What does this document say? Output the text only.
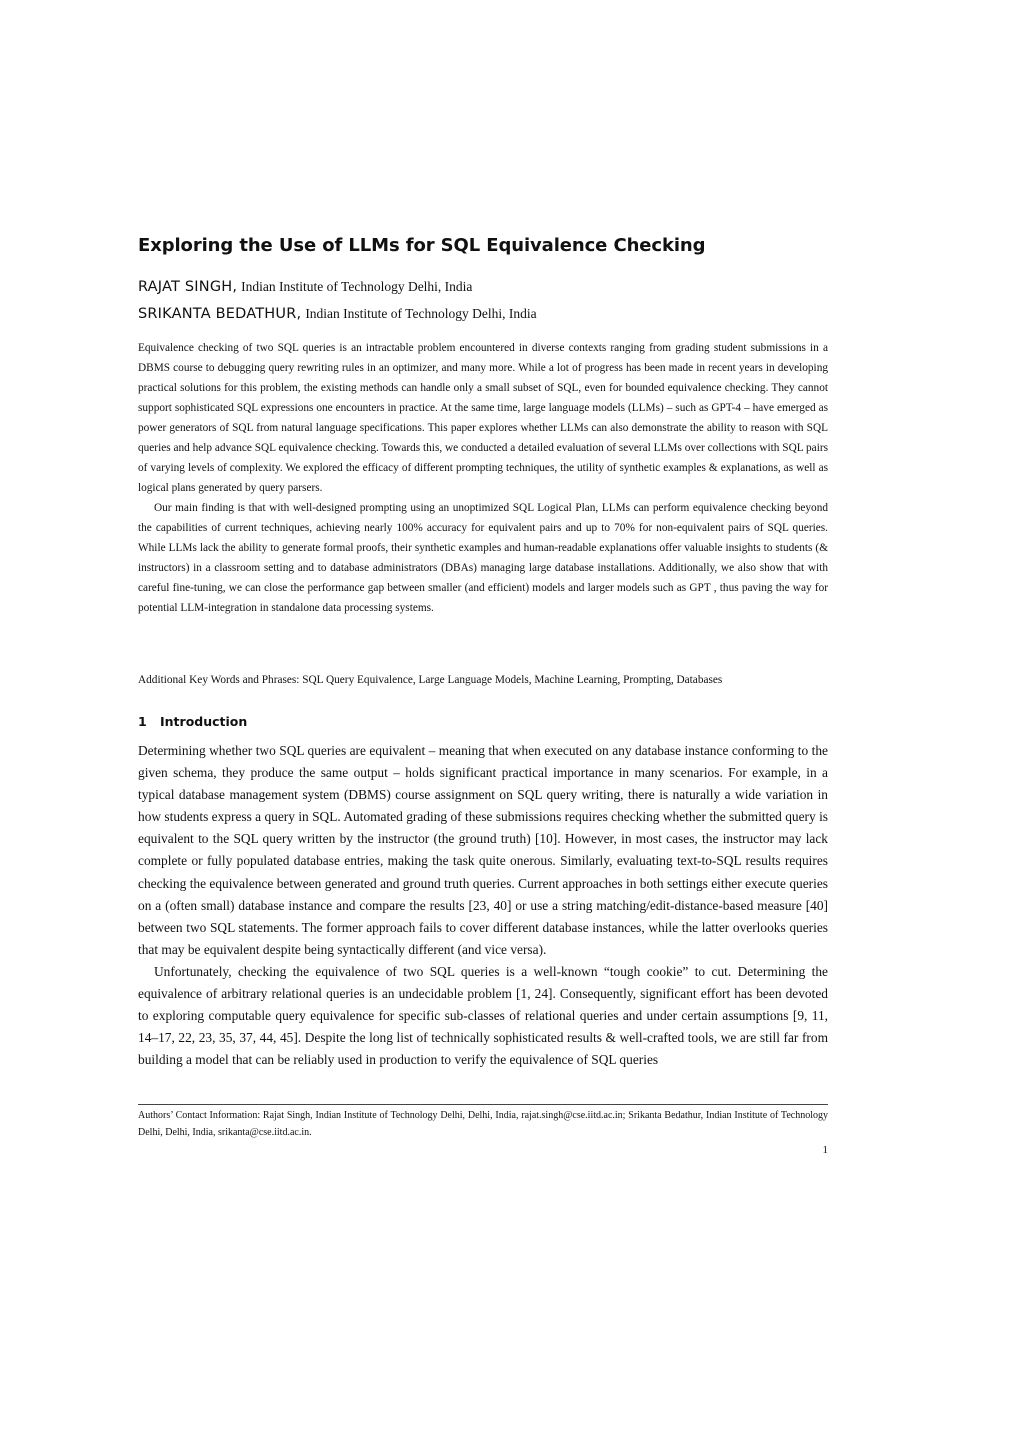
Exploring the Use of LLMs for SQL Equivalence Checking
RAJAT SINGH, Indian Institute of Technology Delhi, India
SRIKANTA BEDATHUR, Indian Institute of Technology Delhi, India

Equivalence checking of two SQL queries is an intractable problem encountered in diverse contexts ranging from grading student submissions in a DBMS course to debugging query rewriting rules in an optimizer, and many more. While a lot of progress has been made in recent years in developing practical solutions for this problem, the existing methods can handle only a small subset of SQL, even for bounded equivalence checking. They cannot support sophisticated SQL expressions one encounters in practice. At the same time, large language models (LLMs) – such as GPT-4 – have emerged as power generators of SQL from natural language specifications. This paper explores whether LLMs can also demonstrate the ability to reason with SQL queries and help advance SQL equivalence checking. Towards this, we conducted a detailed evaluation of several LLMs over collections with SQL pairs of varying levels of complexity. We explored the efficacy of different prompting techniques, the utility of synthetic examples & explanations, as well as logical plans generated by query parsers.

Our main finding is that with well-designed prompting using an unoptimized SQL Logical Plan, LLMs can perform equivalence checking beyond the capabilities of current techniques, achieving nearly 100% accuracy for equivalent pairs and up to 70% for non-equivalent pairs of SQL queries. While LLMs lack the ability to generate formal proofs, their synthetic examples and human-readable explanations offer valuable insights to students (& instructors) in a classroom setting and to database administrators (DBAs) managing large database installations. Additionally, we also show that with careful fine-tuning, we can close the performance gap between smaller (and efficient) models and larger models such as GPT , thus paving the way for potential LLM-integration in standalone data processing systems.

Additional Key Words and Phrases: SQL Query Equivalence, Large Language Models, Machine Learning, Prompting, Databases
1 Introduction

Determining whether two SQL queries are equivalent – meaning that when executed on any database instance conforming to the given schema, they produce the same output – holds significant practical importance in many scenarios. For example, in a typical database management system (DBMS) course assignment on SQL query writing, there is naturally a wide variation in how students express a query in SQL. Automated grading of these submissions requires checking whether the submitted query is equivalent to the SQL query written by the instructor (the ground truth) [10]. However, in most cases, the instructor may lack complete or fully populated database entries, making the task quite onerous. Similarly, evaluating text-to-SQL results requires checking the equivalence between generated and ground truth queries. Current approaches in both settings either execute queries on a (often small) database instance and compare the results [23, 40] or use a string matching/edit-distance-based measure [40] between two SQL statements. The former approach fails to cover different database instances, while the latter overlooks queries that may be equivalent despite being syntactically different (and vice versa).

Unfortunately, checking the equivalence of two SQL queries is a well-known “tough cookie” to cut. Determining the equivalence of arbitrary relational queries is an undecidable problem [1, 24]. Consequently, significant effort has been devoted to exploring computable query equivalence for specific sub-classes of relational queries and under certain assumptions [9, 11, 14–17, 22, 23, 35, 37, 44, 45]. Despite the long list of technically sophisticated results & well-crafted tools, we are still far from building a model that can be reliably used in production to verify the equivalence of SQL queries

Authors’ Contact Information: Rajat Singh, Indian Institute of Technology Delhi, Delhi, India, rajat.singh@cse.iitd.ac.in; Srikanta Bedathur, Indian Institute of Technology Delhi, Delhi, India, srikanta@cse.iitd.ac.in.
1
